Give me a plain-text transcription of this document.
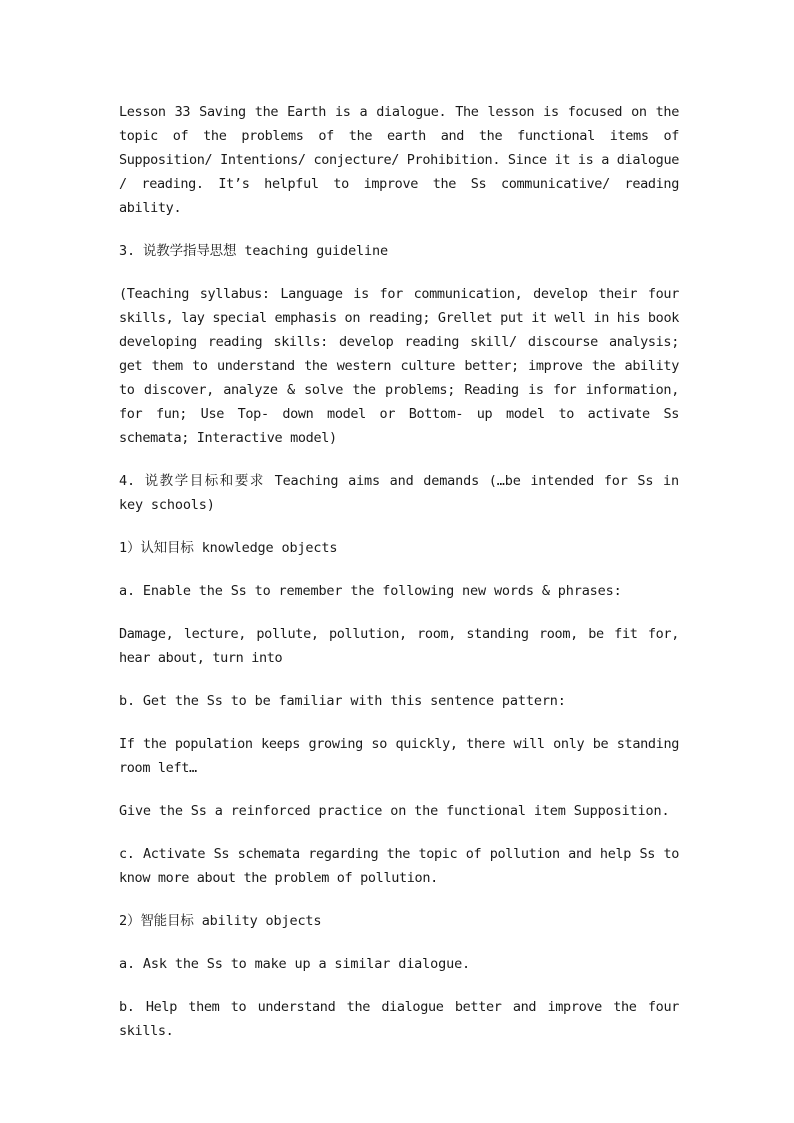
Lesson 33 Saving the Earth is a dialogue. The lesson is focused on the topic of the problems of the earth and the functional items of Supposition/ Intentions/ conjecture/ Prohibition. Since it is a dialogue / reading. It’s helpful to improve the Ss communicative/ reading ability.

3. 说教学指导思想 teaching guideline

(Teaching syllabus: Language is for communication, develop their four skills, lay special emphasis on reading; Grellet put it well in his book developing reading skills: develop reading skill/ discourse analysis; get them to understand the western culture better; improve the ability to discover, analyze & solve the problems; Reading is for information, for fun; Use Top- down model or Bottom- up model to activate Ss schemata; Interactive model)

4. 说教学目标和要求 Teaching aims and demands (…be intended for Ss in key schools)

1）认知目标 knowledge objects

a. Enable the Ss to remember the following new words & phrases:

Damage, lecture, pollute, pollution, room, standing room, be fit for, hear about, turn into

b. Get the Ss to be familiar with this sentence pattern:

If the population keeps growing so quickly, there will only be standing room left…

Give the Ss a reinforced practice on the functional item Supposition.

c. Activate Ss schemata regarding the topic of pollution and help Ss to know more about the problem of pollution.

2）智能目标 ability objects

a. Ask the Ss to make up a similar dialogue.

b. Help them to understand the dialogue better and improve the four skills.
